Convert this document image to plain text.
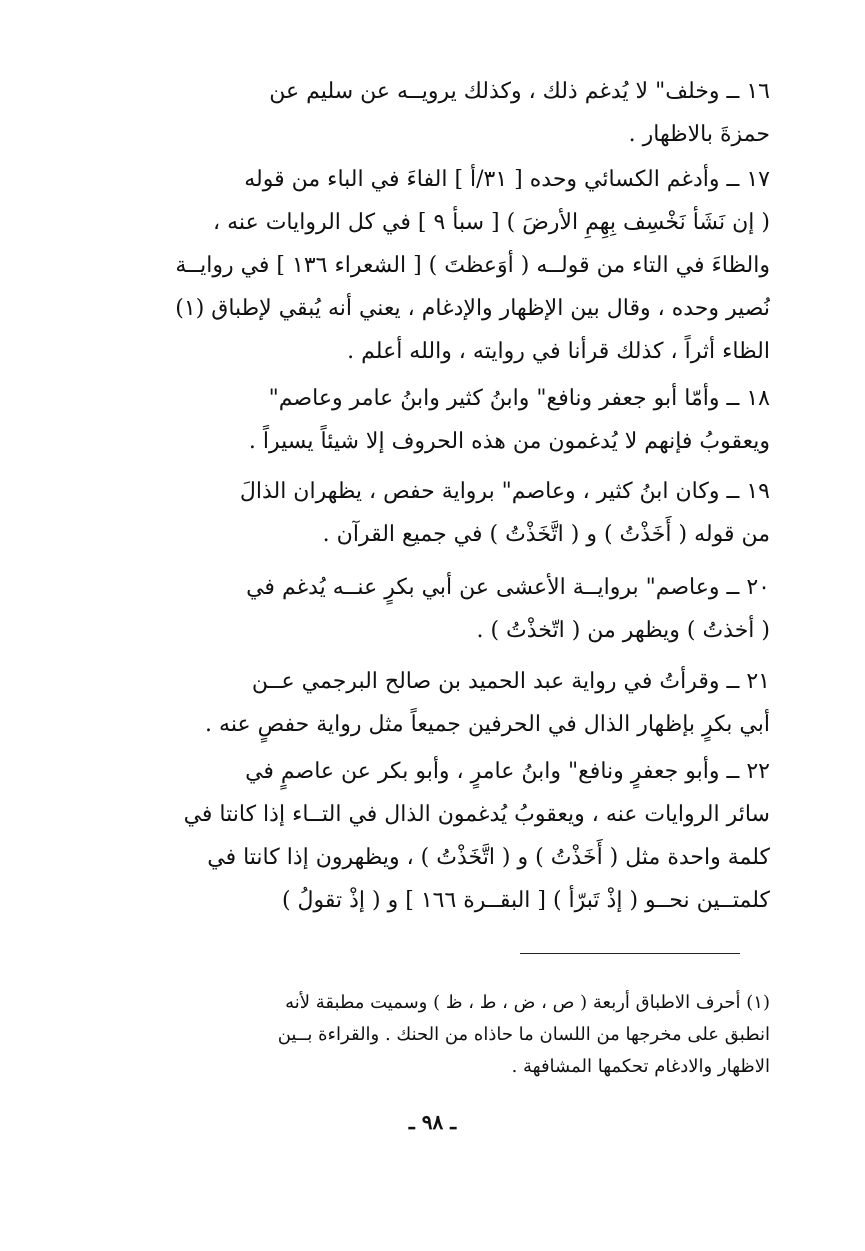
١٦ ــ وخلف" لا يُدغم ذلك ، وكذلك يرويــه عن سليم عن
حمزةَ بالاظهار .
١٧ ــ وأدغم الكسائي وحده [ ٣١/أ ] الفاءَ في الباء من قوله
( إن نَشَأ نَخْسِف بِهِمِ الأرضَ ) [ سبأ ٩ ] في كل الروايات عنه ،
والظاءَ في التاء من قولــه ( أوَعظتَ ) [ الشعراء ١٣٦ ] في روايــة
نُصير وحده ، وقال بين الإظهار والإدغام ، يعني أنه يُبقي لإطباق (١)
الظاء أثراً ، كذلك قرأنا في روايته ، والله أعلم .
١٨ ــ وأمّا أبو جعفر ونافع" وابنُ كثير وابنُ عامر وعاصم"
ويعقوبُ فإنهم لا يُدغمون من هذه الحروف إلا شيئاً يسيراً .
١٩ ــ وكان ابنُ كثير ، وعاصم" برواية حفص ، يظهران الذالَ
من قوله ( أَخَذْتُ ) و ( اتَّخَذْتُ ) في جميع القرآن .
٢٠ ــ وعاصم" بروايــة الأعشى عن أبي بكرٍ عنــه يُدغم في
( أخذتُ ) ويظهر من ( اتّخذْتُ ) .
٢١ ــ وقرأتُ في رواية عبد الحميد بن صالح البرجمي عــن
أبي بكرٍ بإظهار الذال في الحرفين جميعاً مثل رواية حفصٍ عنه .
٢٢ ــ وأبو جعفرٍ ونافع" وابنُ عامرٍ ، وأبو بكر عن عاصمٍ في
سائر الروايات عنه ، ويعقوبُ يُدغمون الذال في التــاء إذا كانتا في
كلمة واحدة مثل ( أَخَذْتُ ) و ( اتَّخَذْتُ ) ، ويظهرون إذا كانتا في
كلمتــين نحــو ( إذْ تَبرّأ ) [ البقــرة ١٦٦ ] و ( إذْ تقولُ )
(١) أحرف الاطباق أربعة ( ص ، ض ، ط ، ظ ) وسميت مطبقة لأنه
انطبق على مخرجها من اللسان ما حاذاه من الحنك . والقراءة بــين
الاظهار والادغام تحكمها المشافهة .
ـ ٩٨ ـ
